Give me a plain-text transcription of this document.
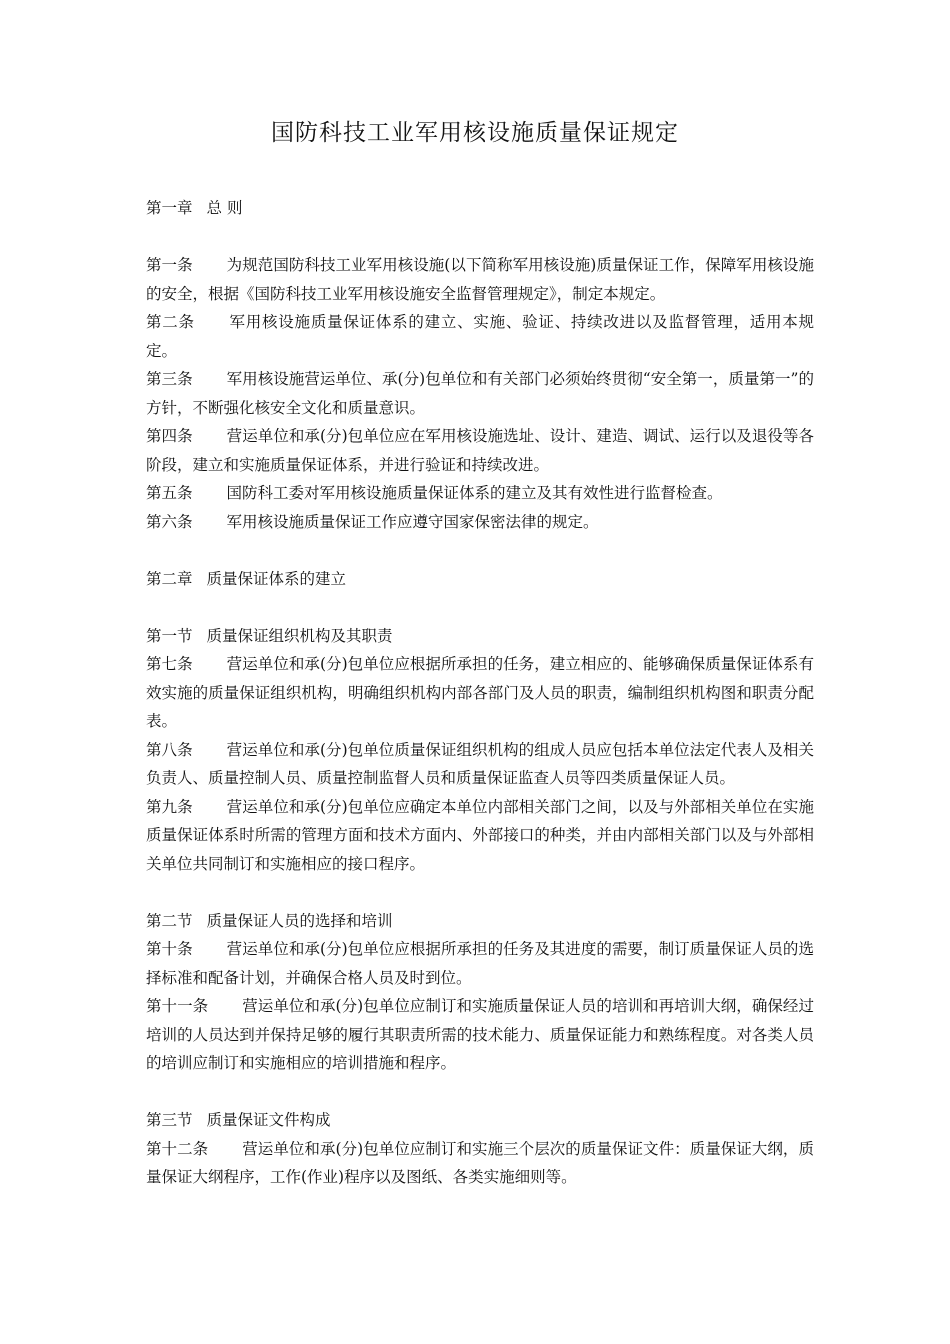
国防科技工业军用核设施质量保证规定

第一章 总 则

第一条 为规范国防科技工业军用核设施(以下简称军用核设施)质量保证工作，保障军用核设施的安全，根据《国防科技工业军用核设施安全监督管理规定》，制定本规定。

第二条 军用核设施质量保证体系的建立、实施、验证、持续改进以及监督管理，适用本规定。

第三条 军用核设施营运单位、承(分)包单位和有关部门必须始终贯彻“安全第一，质量第一”的方针，不断强化核安全文化和质量意识。

第四条 营运单位和承(分)包单位应在军用核设施选址、设计、建造、调试、运行以及退役等各阶段，建立和实施质量保证体系，并进行验证和持续改进。

第五条 国防科工委对军用核设施质量保证体系的建立及其有效性进行监督检查。

第六条 军用核设施质量保证工作应遵守国家保密法律的规定。

第二章 质量保证体系的建立

第一节 质量保证组织机构及其职责

第七条 营运单位和承(分)包单位应根据所承担的任务，建立相应的、能够确保质量保证体系有效实施的质量保证组织机构，明确组织机构内部各部门及人员的职责，编制组织机构图和职责分配表。

第八条 营运单位和承(分)包单位质量保证组织机构的组成人员应包括本单位法定代表人及相关负责人、质量控制人员、质量控制监督人员和质量保证监查人员等四类质量保证人员。

第九条 营运单位和承(分)包单位应确定本单位内部相关部门之间，以及与外部相关单位在实施质量保证体系时所需的管理方面和技术方面内、外部接口的种类，并由内部相关部门以及与外部相关单位共同制订和实施相应的接口程序。

第二节 质量保证人员的选择和培训

第十条 营运单位和承(分)包单位应根据所承担的任务及其进度的需要，制订质量保证人员的选择标准和配备计划，并确保合格人员及时到位。

第十一条 营运单位和承(分)包单位应制订和实施质量保证人员的培训和再培训大纲，确保经过培训的人员达到并保持足够的履行其职责所需的技术能力、质量保证能力和熟练程度。对各类人员的培训应制订和实施相应的培训措施和程序。

第三节 质量保证文件构成

第十二条 营运单位和承(分)包单位应制订和实施三个层次的质量保证文件：质量保证大纲，质量保证大纲程序，工作(作业)程序以及图纸、各类实施细则等。
